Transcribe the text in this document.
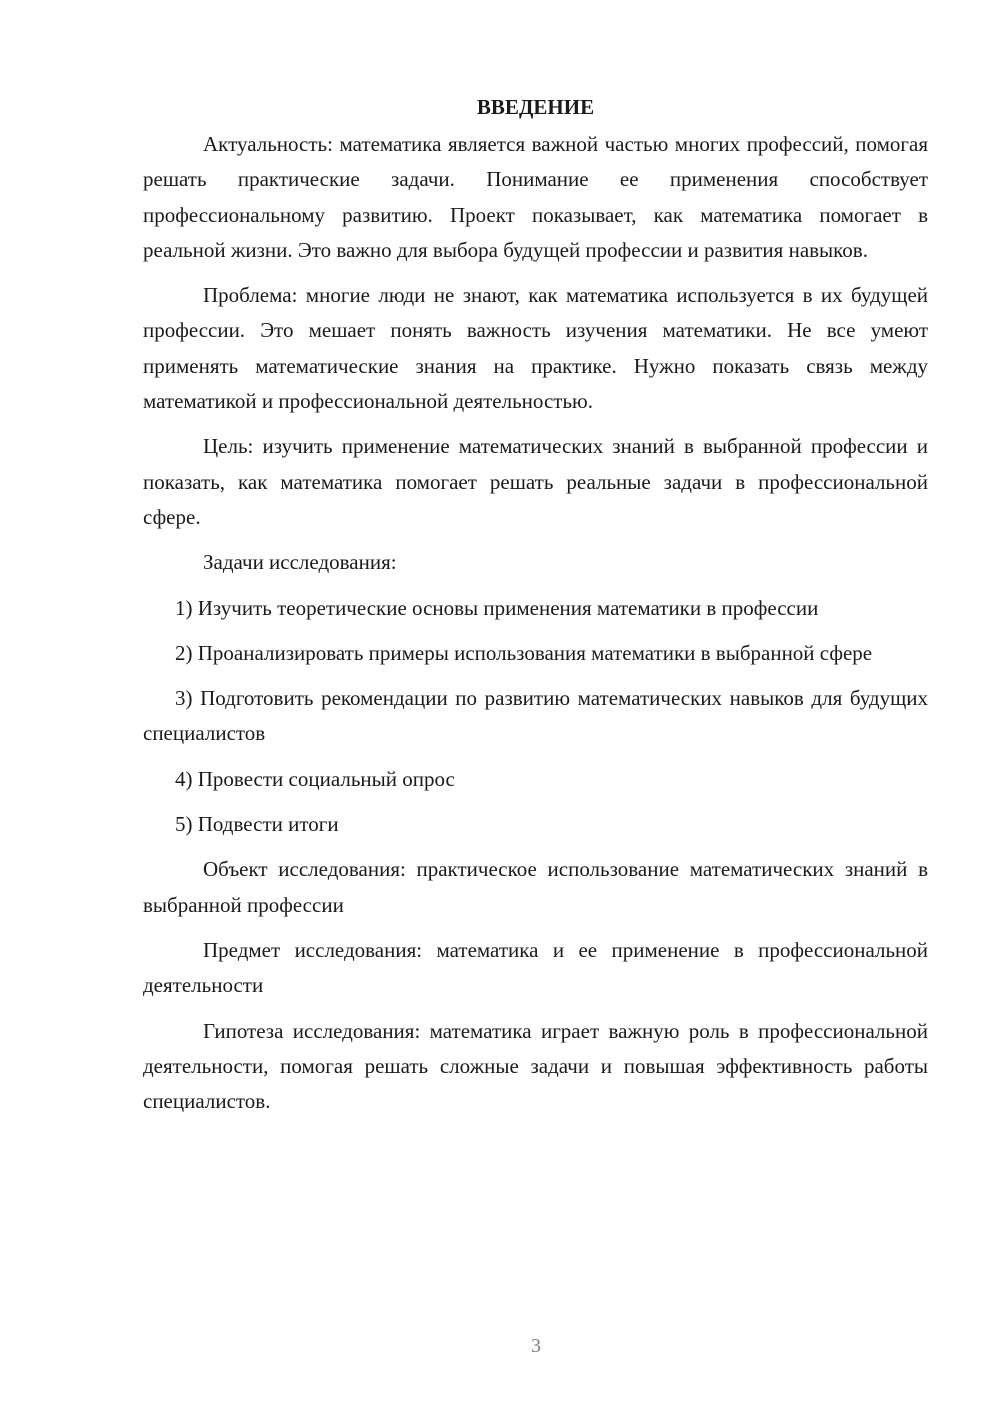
ВВЕДЕНИЕ
Актуальность: математика является важной частью многих профессий, помогая решать практические задачи. Понимание ее применения способствует профессиональному развитию. Проект показывает, как математика помогает в реальной жизни. Это важно для выбора будущей профессии и развития навыков.
Проблема: многие люди не знают, как математика используется в их будущей профессии. Это мешает понять важность изучения математики. Не все умеют применять математические знания на практике. Нужно показать связь между математикой и профессиональной деятельностью.
Цель: изучить применение математических знаний в выбранной профессии и показать, как математика помогает решать реальные задачи в профессиональной сфере.
Задачи исследования:
1) Изучить теоретические основы применения математики в профессии
2) Проанализировать примеры использования математики в выбранной сфере
3) Подготовить рекомендации по развитию математических навыков для будущих специалистов
4) Провести социальный опрос
5) Подвести итоги
Объект исследования: практическое использование математических знаний в выбранной профессии
Предмет исследования: математика и ее применение в профессиональной деятельности
Гипотеза исследования: математика играет важную роль в профессиональной деятельности, помогая решать сложные задачи и повышая эффективность работы специалистов.
3
